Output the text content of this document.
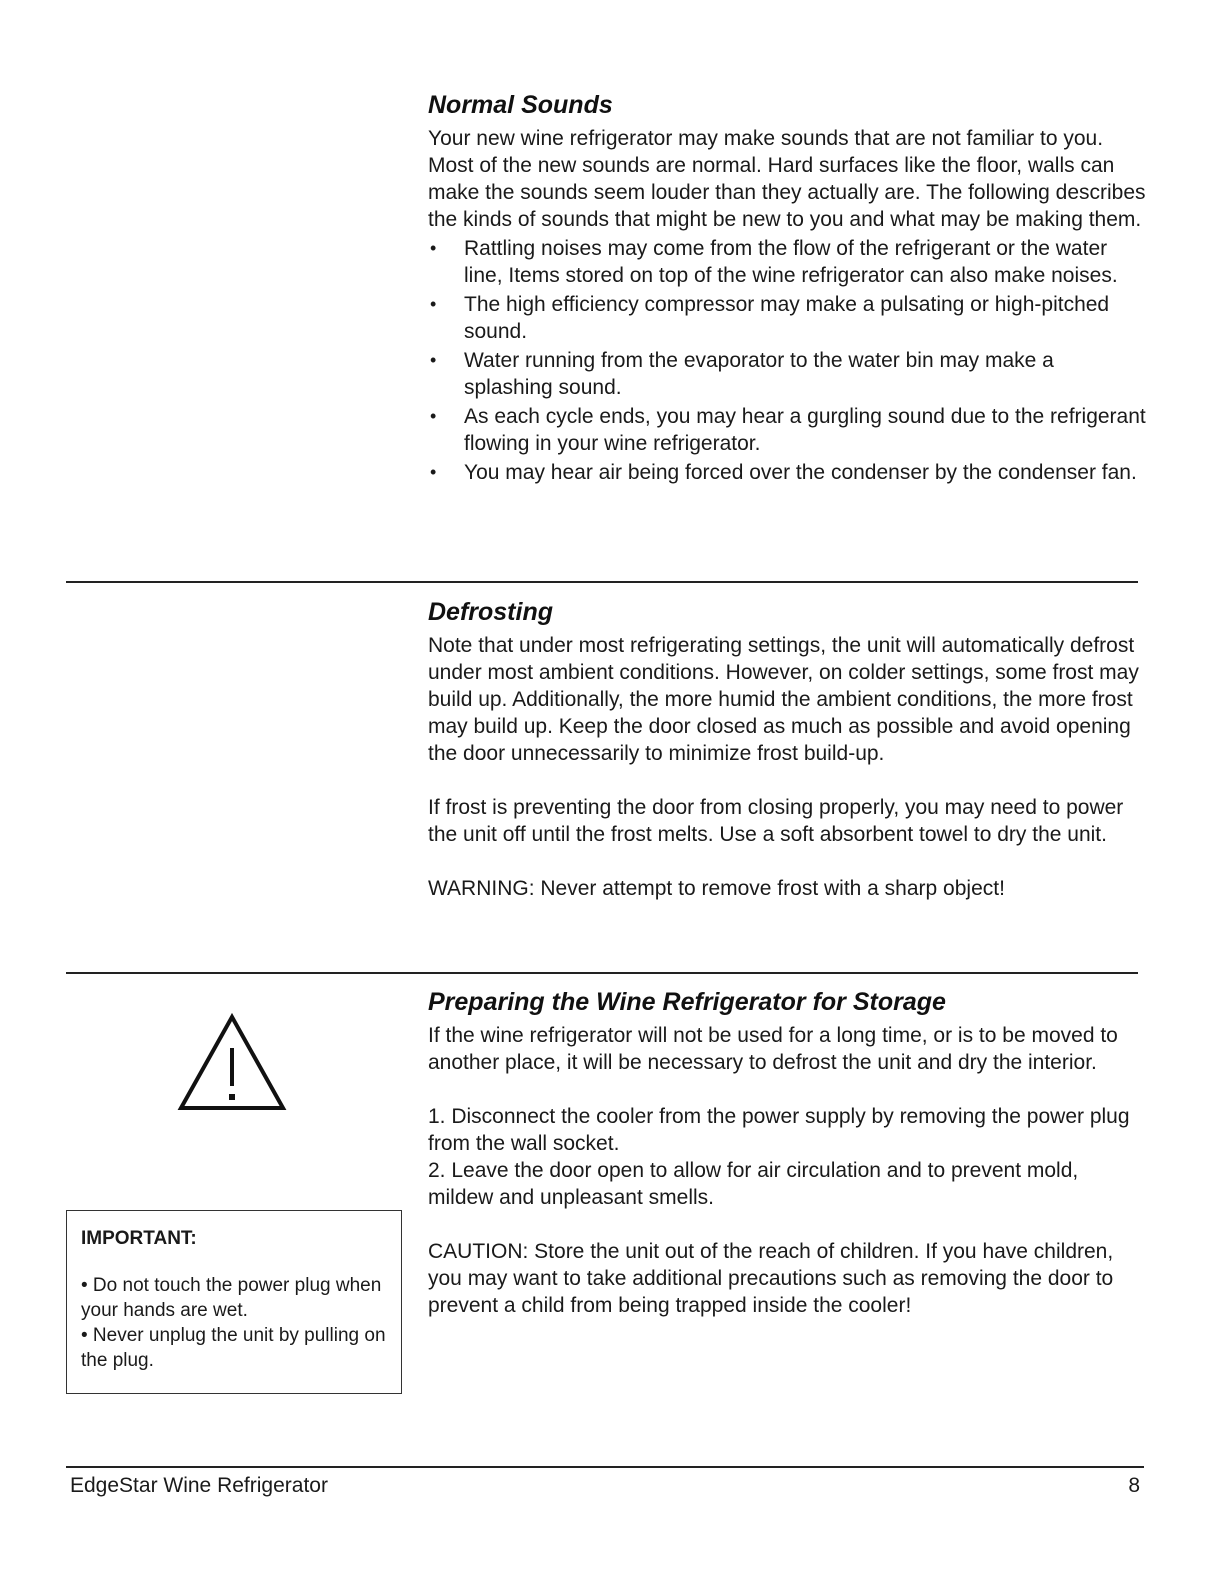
Normal Sounds

Your new wine refrigerator may make sounds that are not familiar to you. Most of the new sounds are normal. Hard surfaces like the floor, walls can make the sounds seem louder than they actually are. The following describes the kinds of sounds that might be new to you and what may be making them.

• Rattling noises may come from the flow of the refrigerant or the water line, Items stored on top of the wine refrigerator can also make noises.
• The high efficiency compressor may make a pulsating or high-pitched sound.
• Water running from the evaporator to the water bin may make a splashing sound.
• As each cycle ends, you may hear a gurgling sound due to the refrigerant flowing in your wine refrigerator.
• You may hear air being forced over the condenser by the condenser fan.
Defrosting

Note that under most refrigerating settings, the unit will automatically defrost under most ambient conditions. However, on colder settings, some frost may build up. Additionally, the more humid the ambient conditions, the more frost may build up. Keep the door closed as much as possible and avoid opening the door unnecessarily to minimize frost build-up.

If frost is preventing the door from closing properly, you may need to power the unit off until the frost melts. Use a soft absorbent towel to dry the unit.

WARNING: Never attempt to remove frost with a sharp object!

Preparing the Wine Refrigerator for Storage

If the wine refrigerator will not be used for a long time, or is to be moved to another place, it will be necessary to defrost the unit and dry the interior.

1. Disconnect the cooler from the power supply by removing the power plug from the wall socket.

2. Leave the door open to allow for air circulation and to prevent mold, mildew and unpleasant smells.

CAUTION: Store the unit out of the reach of children. If you have children, you may want to take additional precautions such as removing the door to prevent a child from being trapped inside the cooler!

IMPORTANT:
• Do not touch the power plug when your hands are wet.
• Never unplug the unit by pulling on the plug.
EdgeStar Wine Refrigerator	8
